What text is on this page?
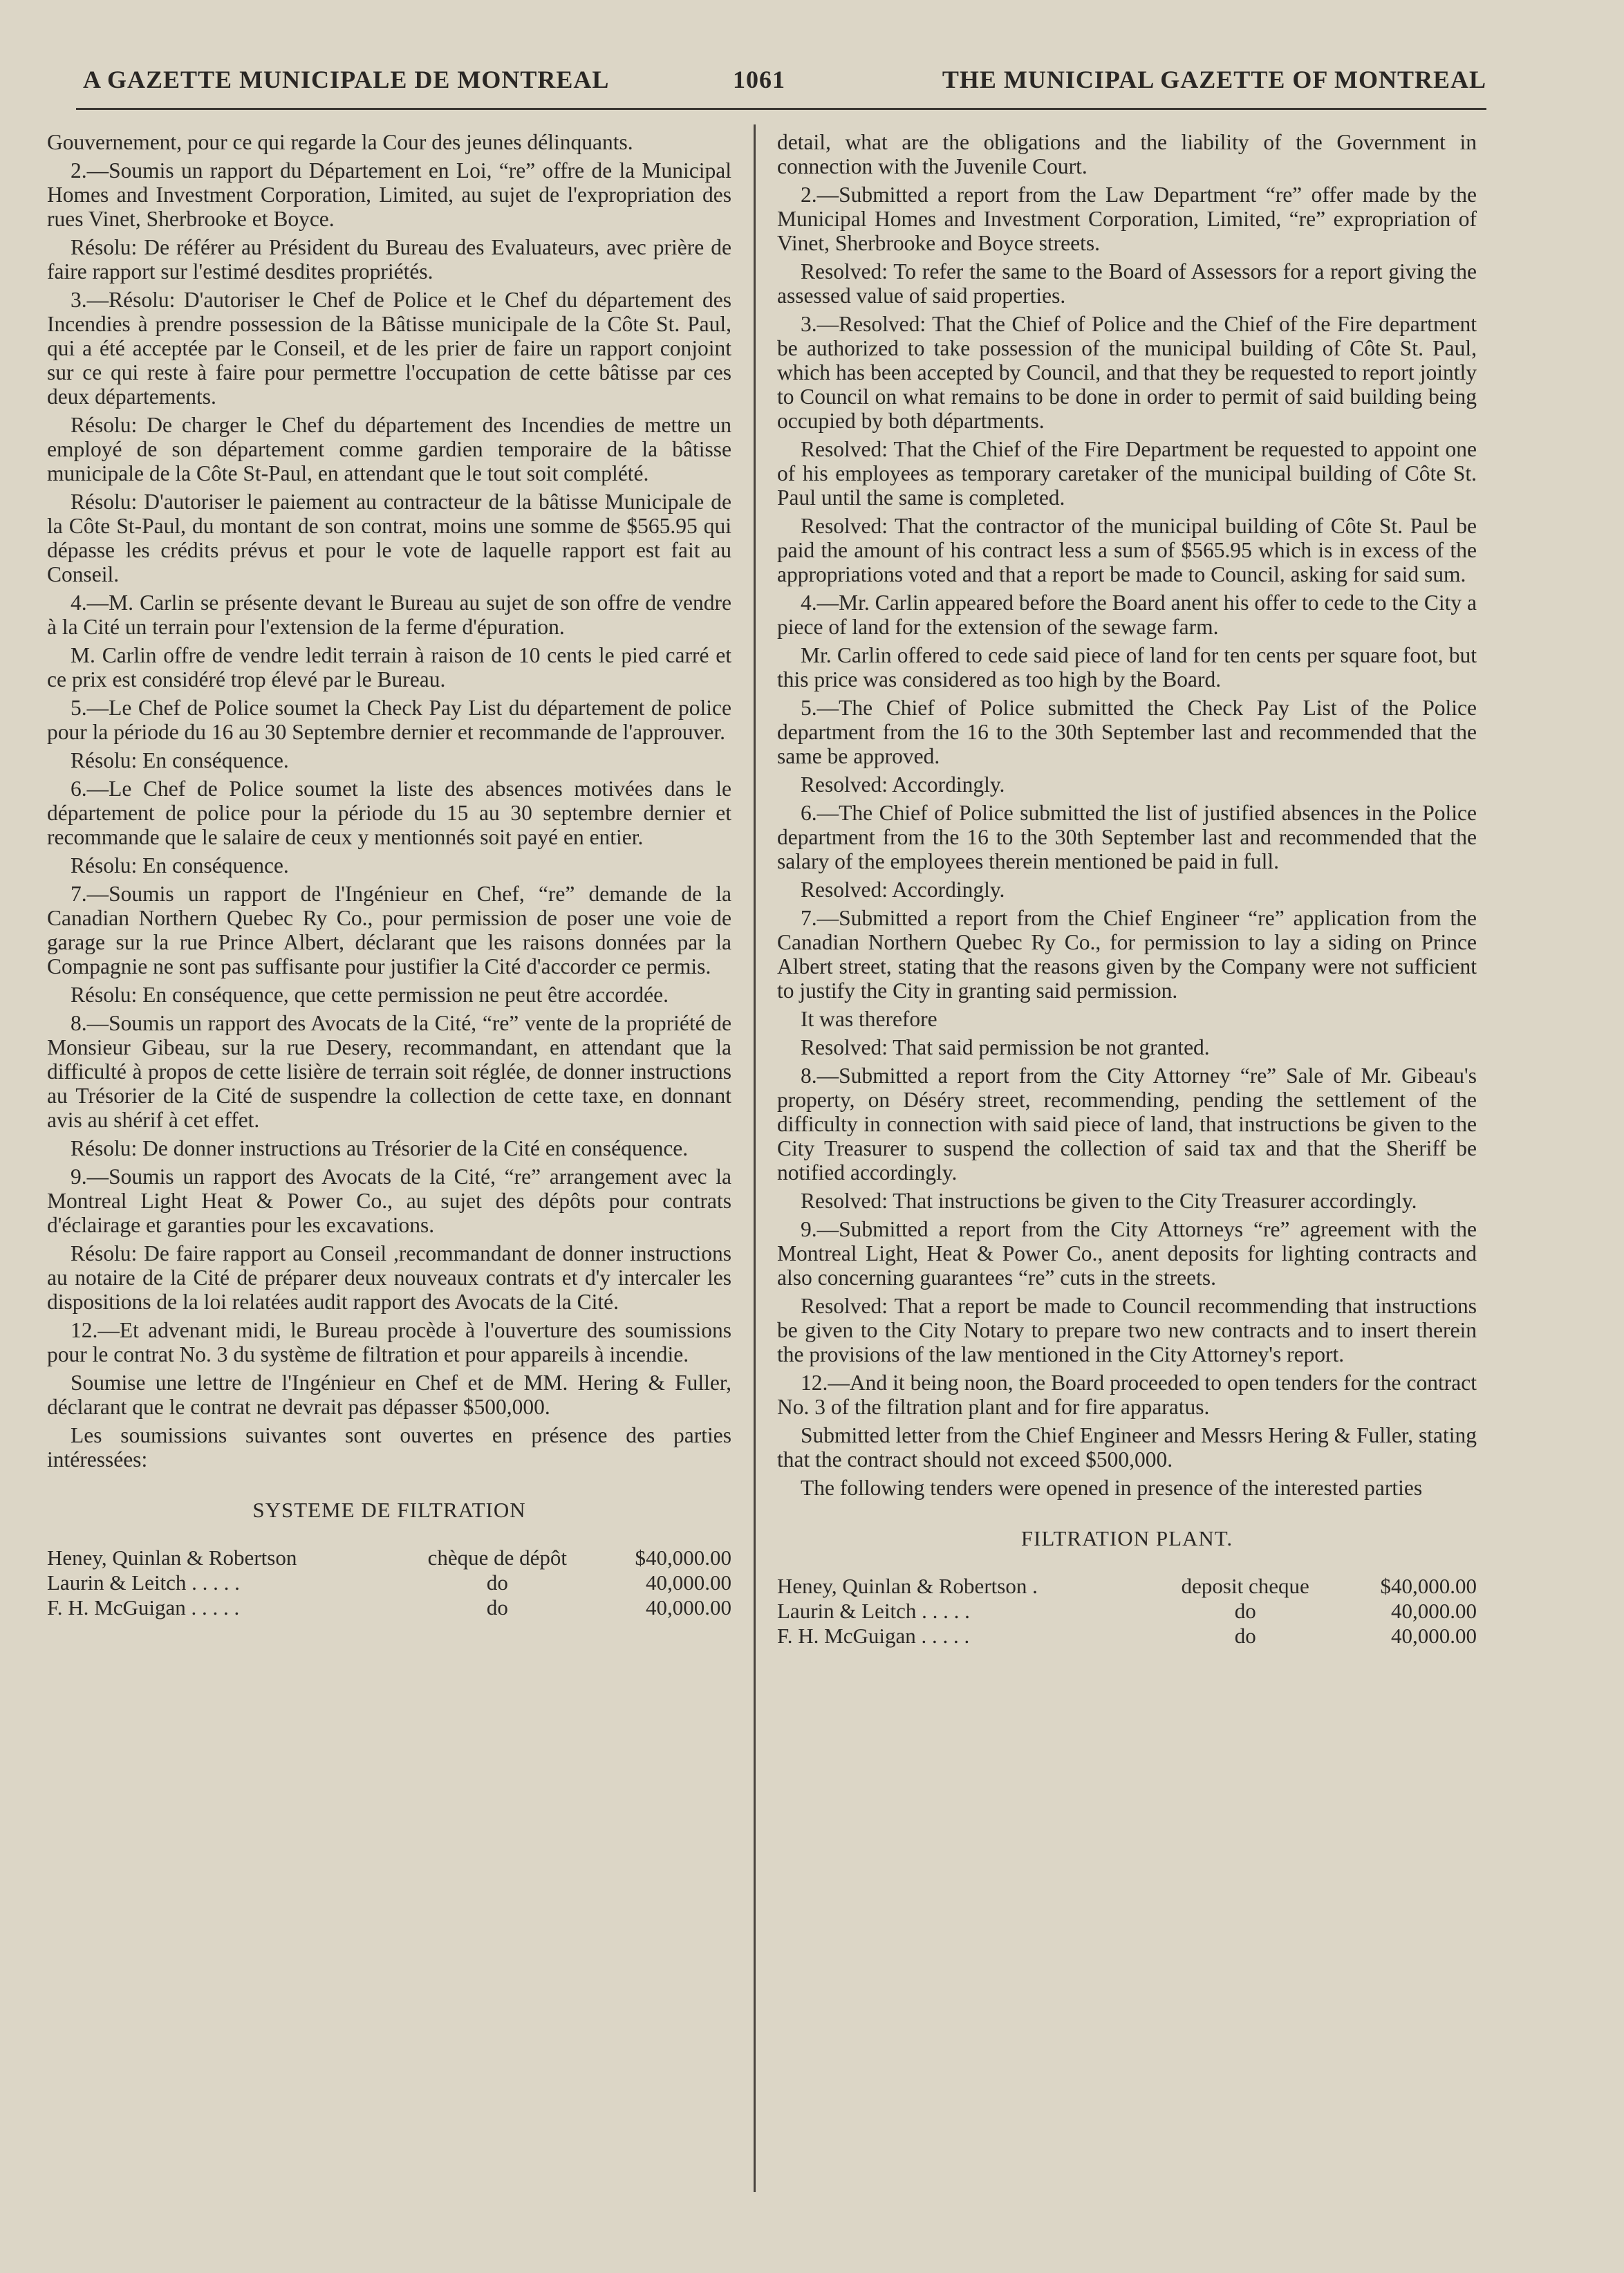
A GAZETTE MUNICIPALE DE MONTREAL	1061	THE MUNICIPAL GAZETTE OF MONTREAL

Gouvernement, pour ce qui regarde la Cour des jeunes délinquants.

2.—Soumis un rapport du Département en Loi, “re” offre de la Municipal Homes and Investment Corporation, Limited, au sujet de l'expropriation des rues Vinet, Sherbrooke et Boyce.

Résolu: De référer au Président du Bureau des Evaluateurs, avec prière de faire rapport sur l'estimé desdites propriétés.

3.—Résolu: D'autoriser le Chef de Police et le Chef du département des Incendies à prendre possession de la Bâtisse municipale de la Côte St. Paul, qui a été acceptée par le Conseil, et de les prier de faire un rapport conjoint sur ce qui reste à faire pour permettre l'occupation de cette bâtisse par ces deux départements.

Résolu: De charger le Chef du département des Incendies de mettre un employé de son département comme gardien temporaire de la bâtisse municipale de la Côte St-Paul, en attendant que le tout soit complété.

Résolu: D'autoriser le paiement au contracteur de la bâtisse Municipale de la Côte St-Paul, du montant de son contrat, moins une somme de $565.95 qui dépasse les crédits prévus et pour le vote de laquelle rapport est fait au Conseil.

4.—M. Carlin se présente devant le Bureau au sujet de son offre de vendre à la Cité un terrain pour l'extension de la ferme d'épuration.

M. Carlin offre de vendre ledit terrain à raison de 10 cents le pied carré et ce prix est considéré trop élevé par le Bureau.

5.—Le Chef de Police soumet la Check Pay List du département de police pour la période du 16 au 30 Septembre dernier et recommande de l'approuver.

Résolu: En conséquence.

6.—Le Chef de Police soumet la liste des absences motivées dans le département de police pour la période du 15 au 30 septembre dernier et recommande que le salaire de ceux y mentionnés soit payé en entier.

Résolu: En conséquence.

7.—Soumis un rapport de l'Ingénieur en Chef, “re” demande de la Canadian Northern Quebec Ry Co., pour permission de poser une voie de garage sur la rue Prince Albert, déclarant que les raisons données par la Compagnie ne sont pas suffisante pour justifier la Cité d'accorder ce permis.

Résolu: En conséquence, que cette permission ne peut être accordée.

8.—Soumis un rapport des Avocats de la Cité, “re” vente de la propriété de Monsieur Gibeau, sur la rue Desery, recommandant, en attendant que la difficulté à propos de cette lisière de terrain soit réglée, de donner instructions au Trésorier de la Cité de suspendre la collection de cette taxe, en donnant avis au shérif à cet effet.

Résolu: De donner instructions au Trésorier de la Cité en conséquence.

9.—Soumis un rapport des Avocats de la Cité, “re” arrangement avec la Montreal Light Heat & Power Co., au sujet des dépôts pour contrats d'éclairage et garanties pour les excavations.

Résolu: De faire rapport au Conseil ,recommandant de donner instructions au notaire de la Cité de préparer deux nouveaux contrats et d'y intercaler les dispositions de la loi relatées audit rapport des Avocats de la Cité.

12.—Et advenant midi, le Bureau procède à l'ouverture des soumissions pour le contrat No. 3 du système de filtration et pour appareils à incendie.

Soumise une lettre de l'Ingénieur en Chef et de MM. Hering & Fuller, déclarant que le contrat ne devrait pas dépasser $500,000.

Les soumissions suivantes sont ouvertes en présence des parties intéressées:

SYSTEME DE FILTRATION
Heney, Quinlan & Robertson	chèque de dépôt	$40,000.00
Laurin & Leitch . . . . .	do	40,000.00
F. H. McGuigan . . . . .	do	40,000.00

detail, what are the obligations and the liability of the Government in connection with the Juvenile Court.

2.—Submitted a report from the Law Department “re” offer made by the Municipal Homes and Investment Corporation, Limited, “re” expropriation of Vinet, Sherbrooke and Boyce streets.

Resolved: To refer the same to the Board of Assessors for a report giving the assessed value of said properties.

3.—Resolved: That the Chief of Police and the Chief of the Fire department be authorized to take possession of the municipal building of Côte St. Paul, which has been accepted by Council, and that they be requested to report jointly to Council on what remains to be done in order to permit of said building being occupied by both départments.

Resolved: That the Chief of the Fire Department be requested to appoint one of his employees as temporary caretaker of the municipal building of Côte St. Paul until the same is completed.

Resolved: That the contractor of the municipal building of Côte St. Paul be paid the amount of his contract less a sum of $565.95 which is in excess of the appropriations voted and that a report be made to Council, asking for said sum.

4.—Mr. Carlin appeared before the Board anent his offer to cede to the City a piece of land for the extension of the sewage farm.

Mr. Carlin offered to cede said piece of land for ten cents per square foot, but this price was considered as too high by the Board.

5.—The Chief of Police submitted the Check Pay List of the Police department from the 16 to the 30th September last and recommended that the same be approved.

Resolved: Accordingly.

6.—The Chief of Police submitted the list of justified absences in the Police department from the 16 to the 30th September last and recommended that the salary of the employees therein mentioned be paid in full.

Resolved: Accordingly.

7.—Submitted a report from the Chief Engineer “re” application from the Canadian Northern Quebec Ry Co., for permission to lay a siding on Prince Albert street, stating that the reasons given by the Company were not sufficient to justify the City in granting said permission.

It was therefore

Resolved: That said permission be not granted.

8.—Submitted a report from the City Attorney “re” Sale of Mr. Gibeau's property, on Déséry street, recommending, pending the settlement of the difficulty in connection with said piece of land, that instructions be given to the City Treasurer to suspend the collection of said tax and that the Sheriff be notified accordingly.

Resolved: That instructions be given to the City Treasurer accordingly.

9.—Submitted a report from the City Attorneys “re” agreement with the Montreal Light, Heat & Power Co., anent deposits for lighting contracts and also concerning guarantees “re” cuts in the streets.

Resolved: That a report be made to Council recommending that instructions be given to the City Notary to prepare two new contracts and to insert therein the provisions of the law mentioned in the City Attorney's report.

12.—And it being noon, the Board proceeded to open tenders for the contract No. 3 of the filtration plant and for fire apparatus.

Submitted letter from the Chief Engineer and Messrs Hering & Fuller, stating that the contract should not exceed $500,000.

The following tenders were opened in presence of the interested parties

FILTRATION PLANT.
Heney, Quinlan & Robertson .	deposit cheque	$40,000.00
Laurin & Leitch . . . . .	do	40,000.00
F. H. McGuigan . . . . .	do	40,000.00
